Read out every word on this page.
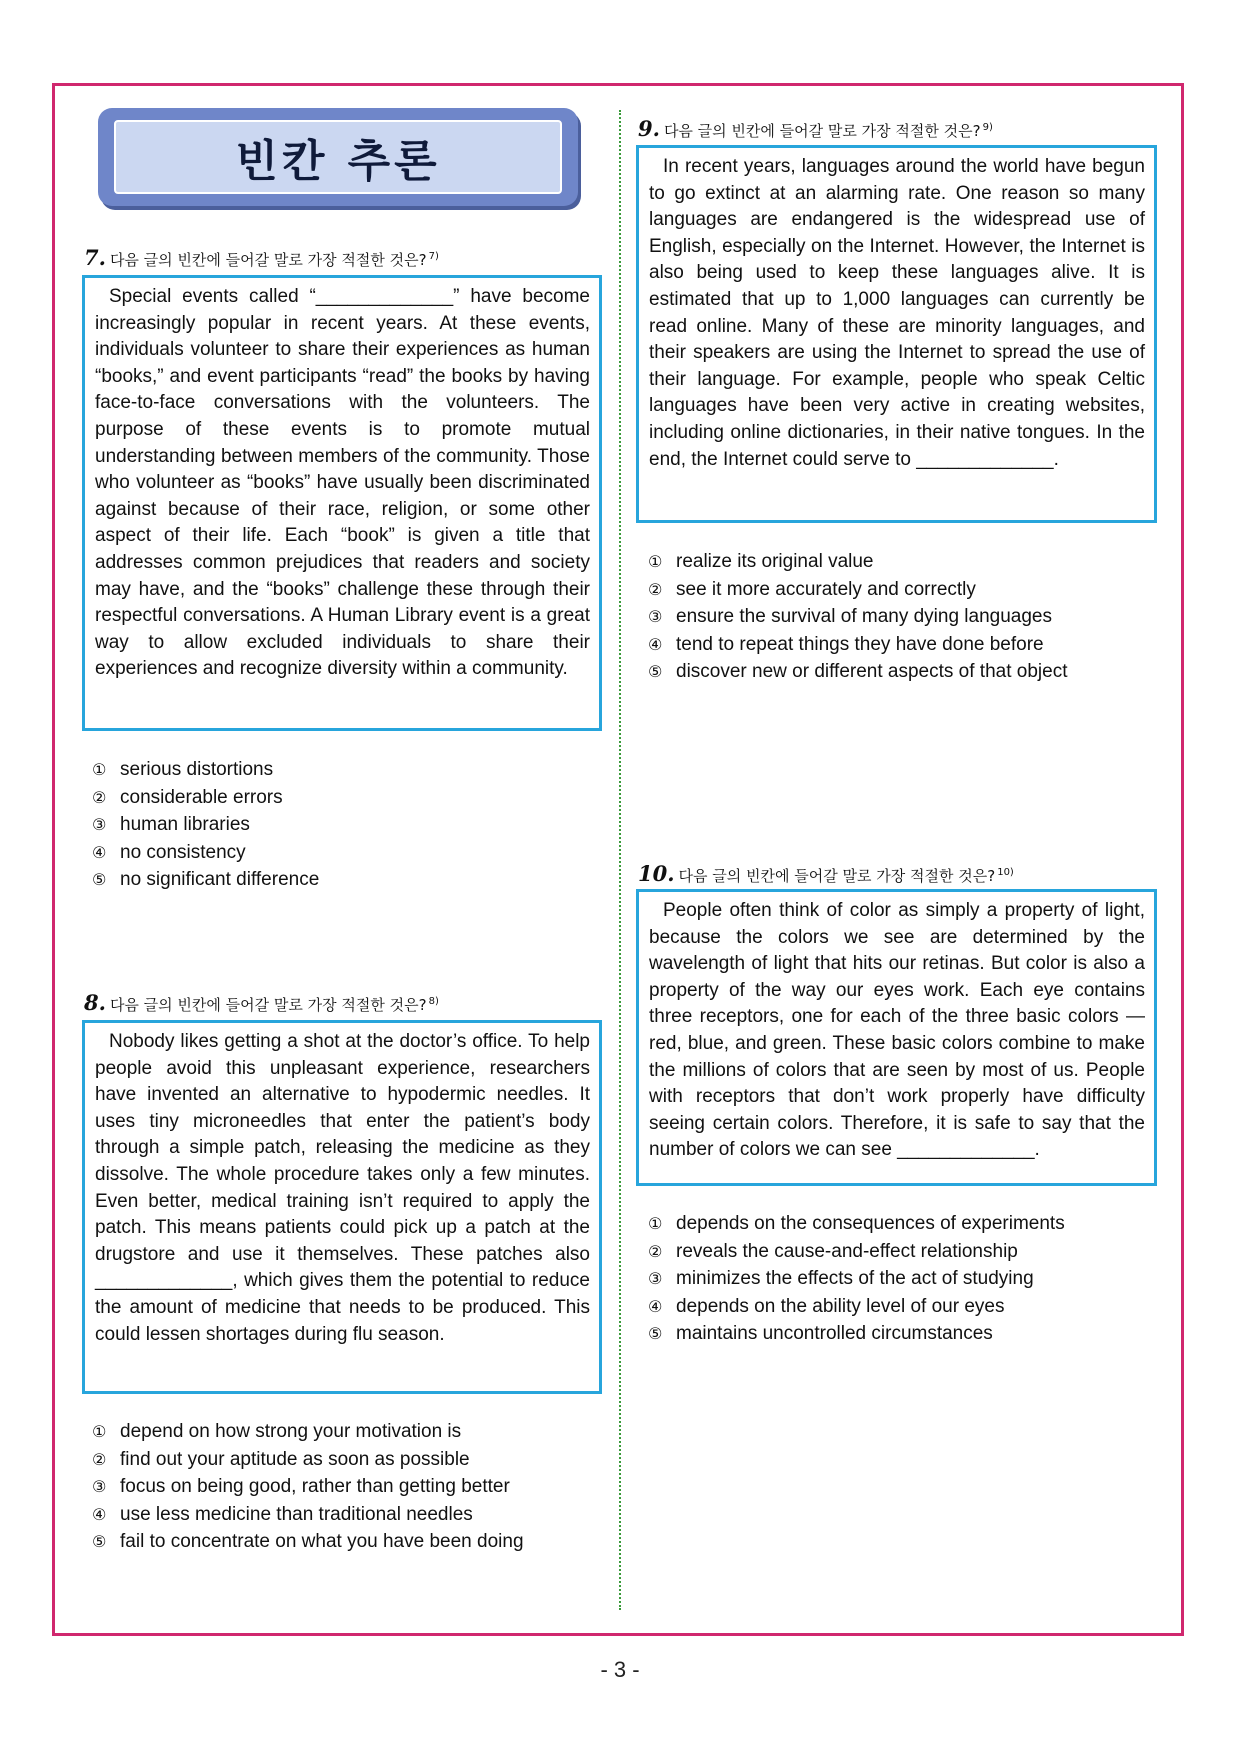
빈칸 추론
7. 다음 글의 빈칸에 들어갈 말로 가장 적절한 것은? $^{7)}$
Special events called “_____________” have become increasingly popular in recent years. At these events, individuals volunteer to share their experiences as human “books,” and event participants “read” the books by having face-to-face conversations with the volunteers. The purpose of these events is to promote mutual understanding between members of the community. Those who volunteer as “books” have usually been discriminated against because of their race, religion, or some other aspect of their life. Each “book” is given a title that addresses common prejudices that readers and society may have, and the “books” challenge these through their respectful conversations. A Human Library event is a great way to allow excluded individuals to share their experiences and recognize diversity within a community.
① serious distortions
② considerable errors
③ human libraries
④ no consistency
⑤ no significant difference
8. 다음 글의 빈칸에 들어갈 말로 가장 적절한 것은? $^{8)}$
Nobody likes getting a shot at the doctor’s office. To help people avoid this unpleasant experience, researchers have invented an alternative to hypodermic needles. It uses tiny microneedles that enter the patient’s body through a simple patch, releasing the medicine as they dissolve. The whole procedure takes only a few minutes. Even better, medical training isn’t required to apply the patch. This means patients could pick up a patch at the drugstore and use it themselves. These patches also _____________, which gives them the potential to reduce the amount of medicine that needs to be produced. This could lessen shortages during flu season.
① depend on how strong your motivation is
② find out your aptitude as soon as possible
③ focus on being good, rather than getting better
④ use less medicine than traditional needles
⑤ fail to concentrate on what you have been doing
9. 다음 글의 빈칸에 들어갈 말로 가장 적절한 것은? $^{9)}$
In recent years, languages around the world have begun to go extinct at an alarming rate. One reason so many languages are endangered is the widespread use of English, especially on the Internet. However, the Internet is also being used to keep these languages alive. It is estimated that up to 1,000 languages can currently be read online. Many of these are minority languages, and their speakers are using the Internet to spread the use of their language. For example, people who speak Celtic languages have been very active in creating websites, including online dictionaries, in their native tongues. In the end, the Internet could serve to _____________.
① realize its original value
② see it more accurately and correctly
③ ensure the survival of many dying languages
④ tend to repeat things they have done before
⑤ discover new or different aspects of that object
10. 다음 글의 빈칸에 들어갈 말로 가장 적절한 것은? $^{10)}$
People often think of color as simply a property of light, because the colors we see are determined by the wavelength of light that hits our retinas. But color is also a property of the way our eyes work. Each eye contains three receptors, one for each of the three basic colors — red, blue, and green. These basic colors combine to make the millions of colors that are seen by most of us. People with receptors that don’t work properly have difficulty seeing certain colors. Therefore, it is safe to say that the number of colors we can see _____________.
① depends on the consequences of experiments
② reveals the cause-and-effect relationship
③ minimizes the effects of the act of studying
④ depends on the ability level of our eyes
⑤ maintains uncontrolled circumstances
- 3 -
